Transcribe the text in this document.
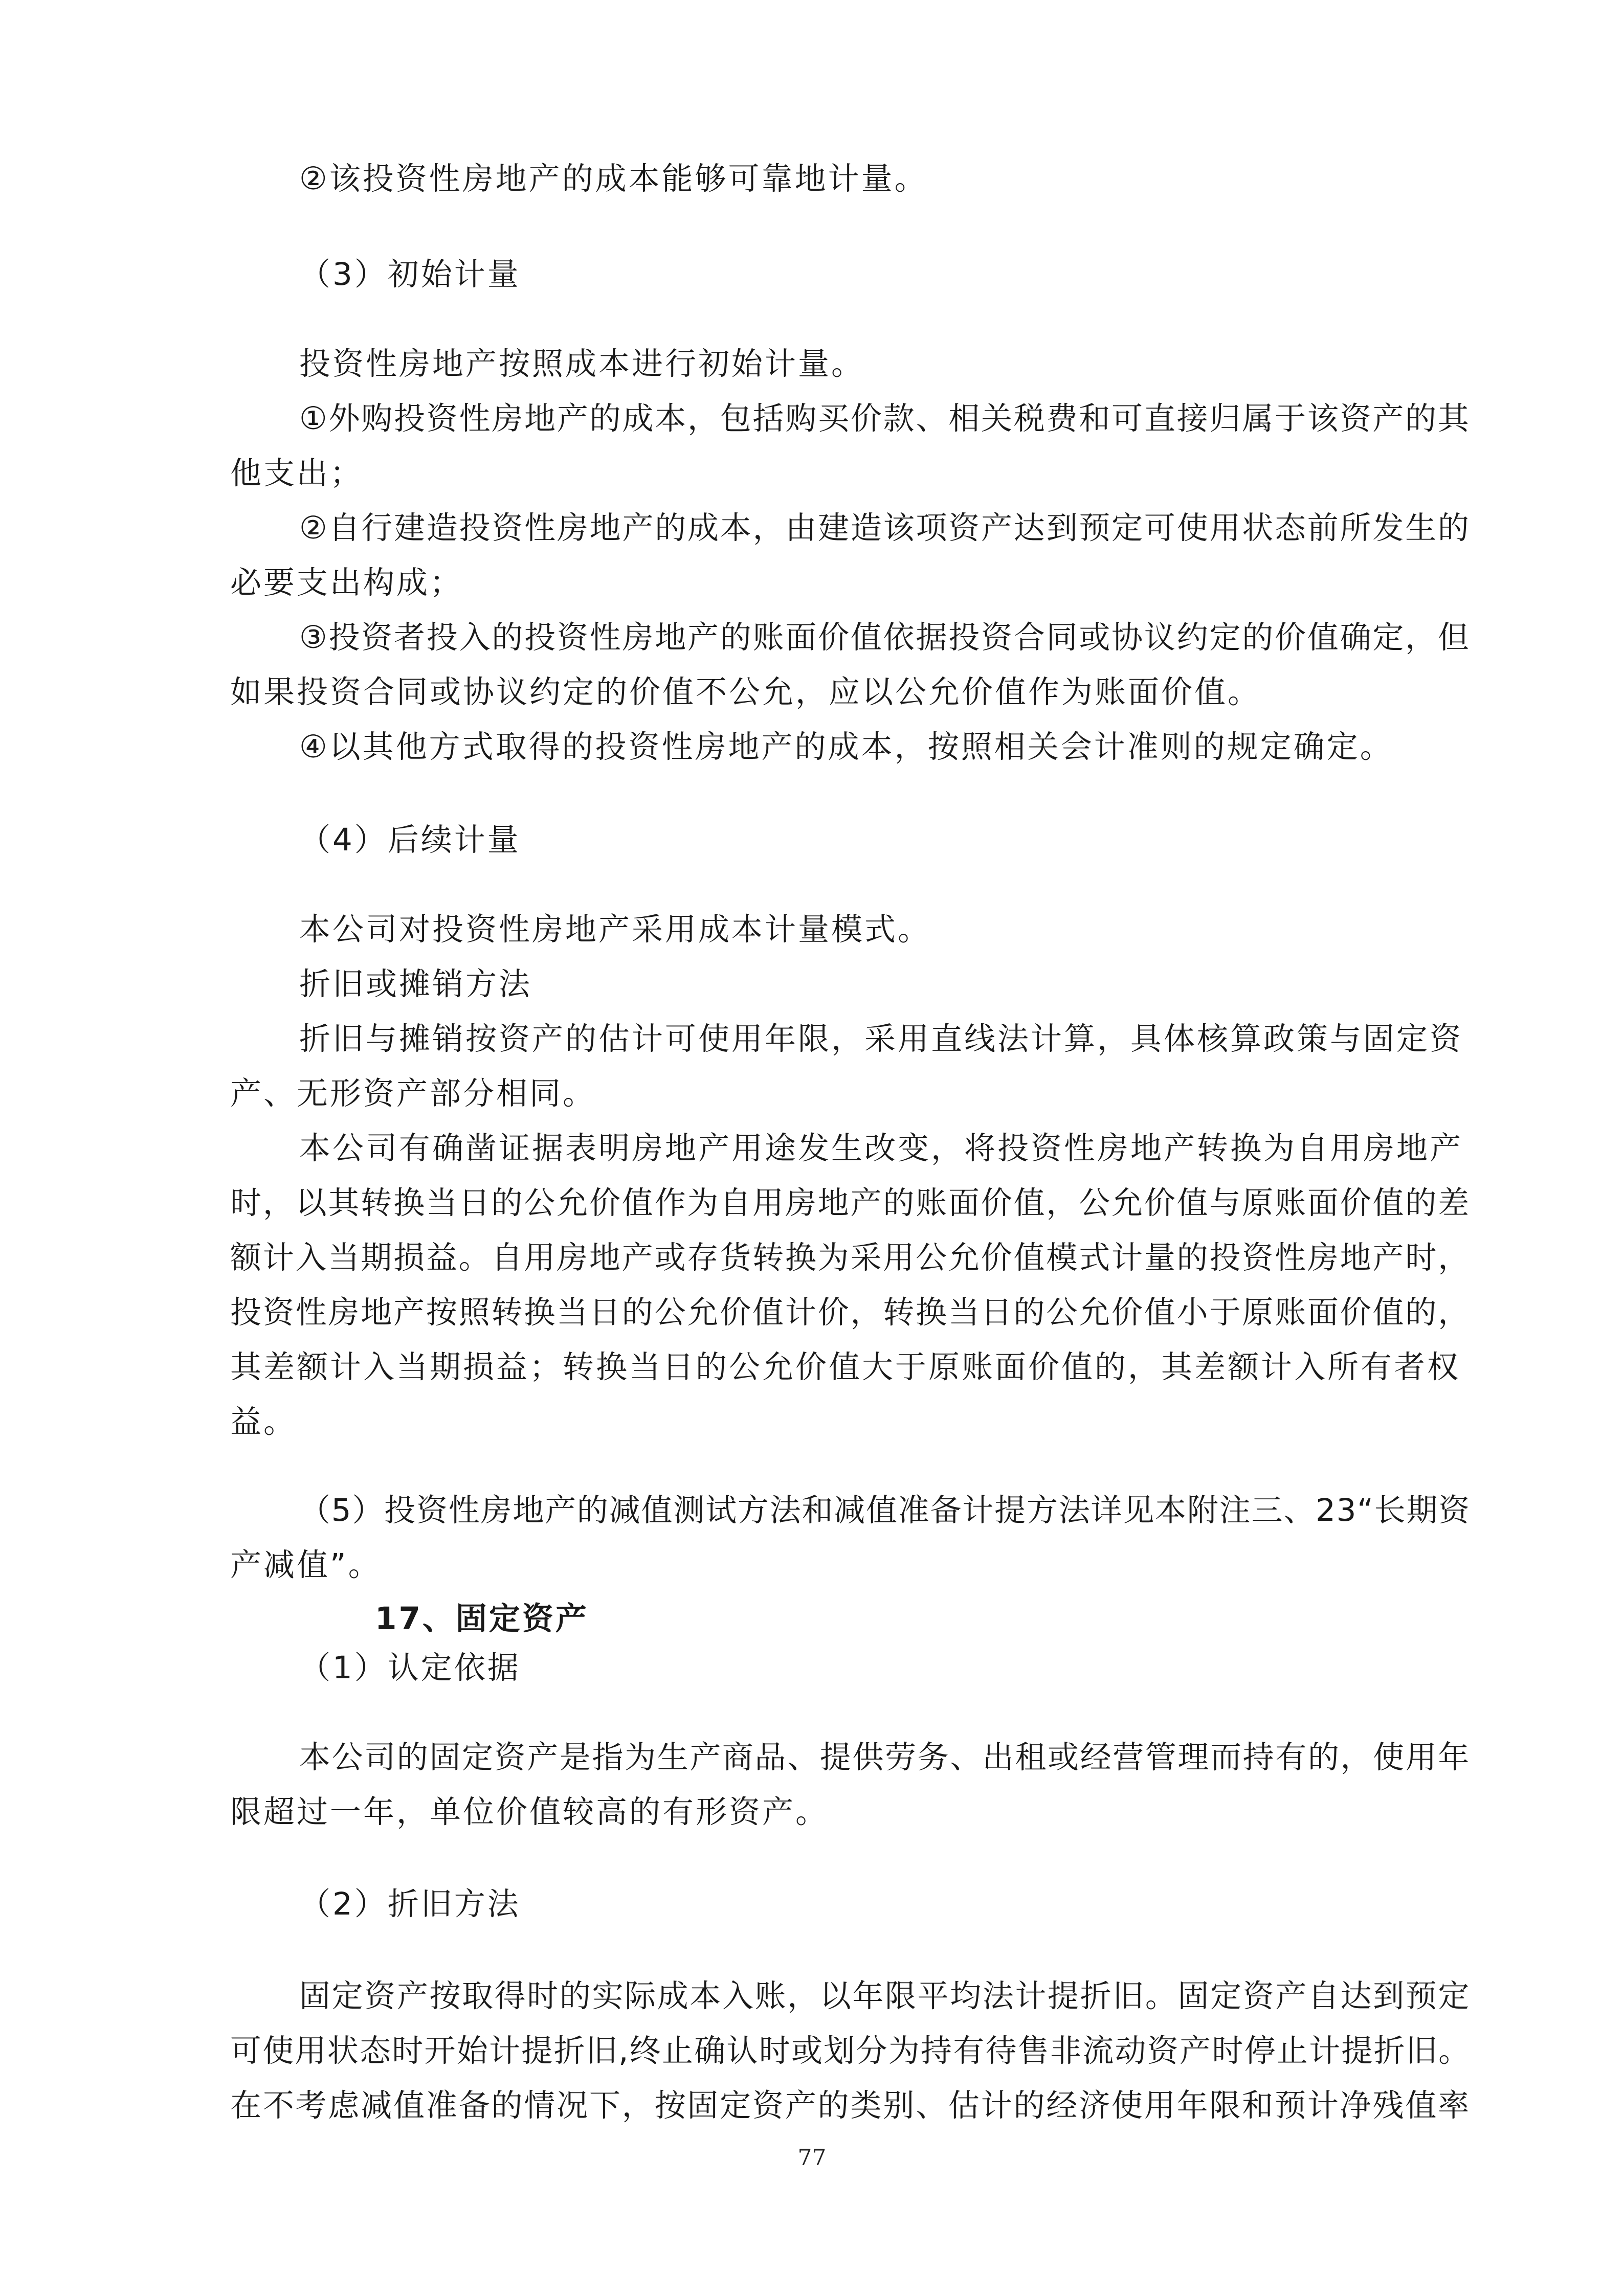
②该投资性房地产的成本能够可靠地计量。
（3）初始计量
投资性房地产按照成本进行初始计量。
①外购投资性房地产的成本，包括购买价款、相关税费和可直接归属于该资产的其
他支出；
②自行建造投资性房地产的成本，由建造该项资产达到预定可使用状态前所发生的
必要支出构成；
③投资者投入的投资性房地产的账面价值依据投资合同或协议约定的价值确定，但
如果投资合同或协议约定的价值不公允，应以公允价值作为账面价值。
④以其他方式取得的投资性房地产的成本，按照相关会计准则的规定确定。
（4）后续计量
本公司对投资性房地产采用成本计量模式。
折旧或摊销方法
折旧与摊销按资产的估计可使用年限，采用直线法计算，具体核算政策与固定资
产、无形资产部分相同。
本公司有确凿证据表明房地产用途发生改变，将投资性房地产转换为自用房地产
时，以其转换当日的公允价值作为自用房地产的账面价值，公允价值与原账面价值的差
额计入当期损益。自用房地产或存货转换为采用公允价值模式计量的投资性房地产时，
投资性房地产按照转换当日的公允价值计价，转换当日的公允价值小于原账面价值的，
其差额计入当期损益；转换当日的公允价值大于原账面价值的，其差额计入所有者权
益。
（5）投资性房地产的减值测试方法和减值准备计提方法详见本附注三、23“长期资
产减值”。
17、固定资产
（1）认定依据
本公司的固定资产是指为生产商品、提供劳务、出租或经营管理而持有的，使用年
限超过一年，单位价值较高的有形资产。
（2）折旧方法
固定资产按取得时的实际成本入账，以年限平均法计提折旧。固定资产自达到预定
可使用状态时开始计提折旧,终止确认时或划分为持有待售非流动资产时停止计提折旧。
在不考虑减值准备的情况下，按固定资产的类别、估计的经济使用年限和预计净残值率
77
